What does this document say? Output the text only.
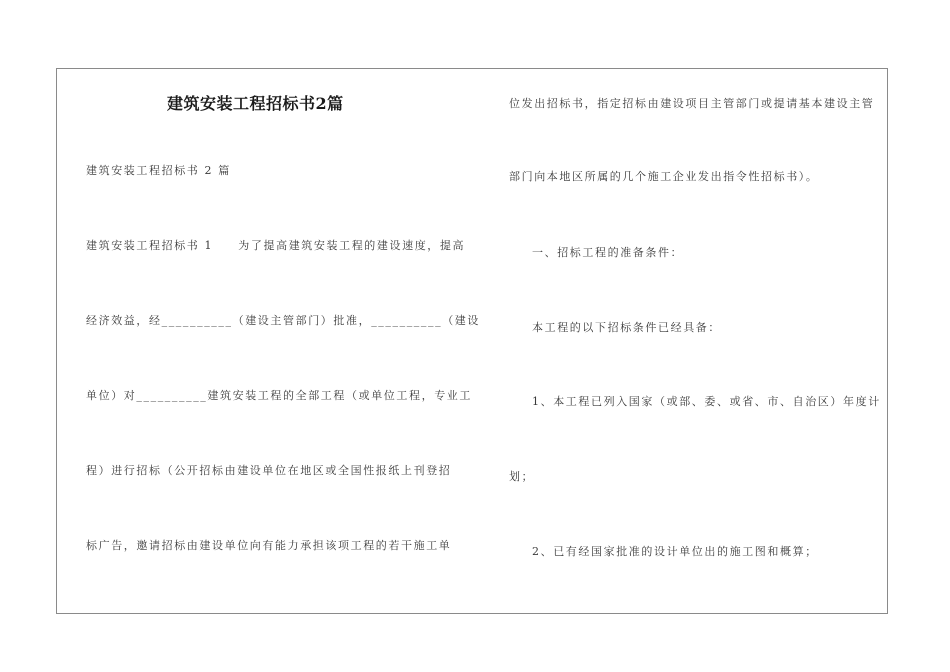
建筑安装工程招标书2篇
建筑安装工程招标书 2 篇
建筑安装工程招标书 1　　为了提高建筑安装工程的建设速度，提高
经济效益，经__________（建设主管部门）批准，__________（建设
单位）对__________建筑安装工程的全部工程（或单位工程，专业工
程）进行招标（公开招标由建设单位在地区或全国性报纸上刊登招
标广告，邀请招标由建设单位向有能力承担该项工程的若干施工单
位发出招标书，指定招标由建设项目主管部门或提请基本建设主管
部门向本地区所属的几个施工企业发出指令性招标书）。
一、招标工程的准备条件：
本工程的以下招标条件已经具备：
1、本工程已列入国家（或部、委、或省、市、自治区）年度计
划；
2、已有经国家批准的设计单位出的施工图和概算；
